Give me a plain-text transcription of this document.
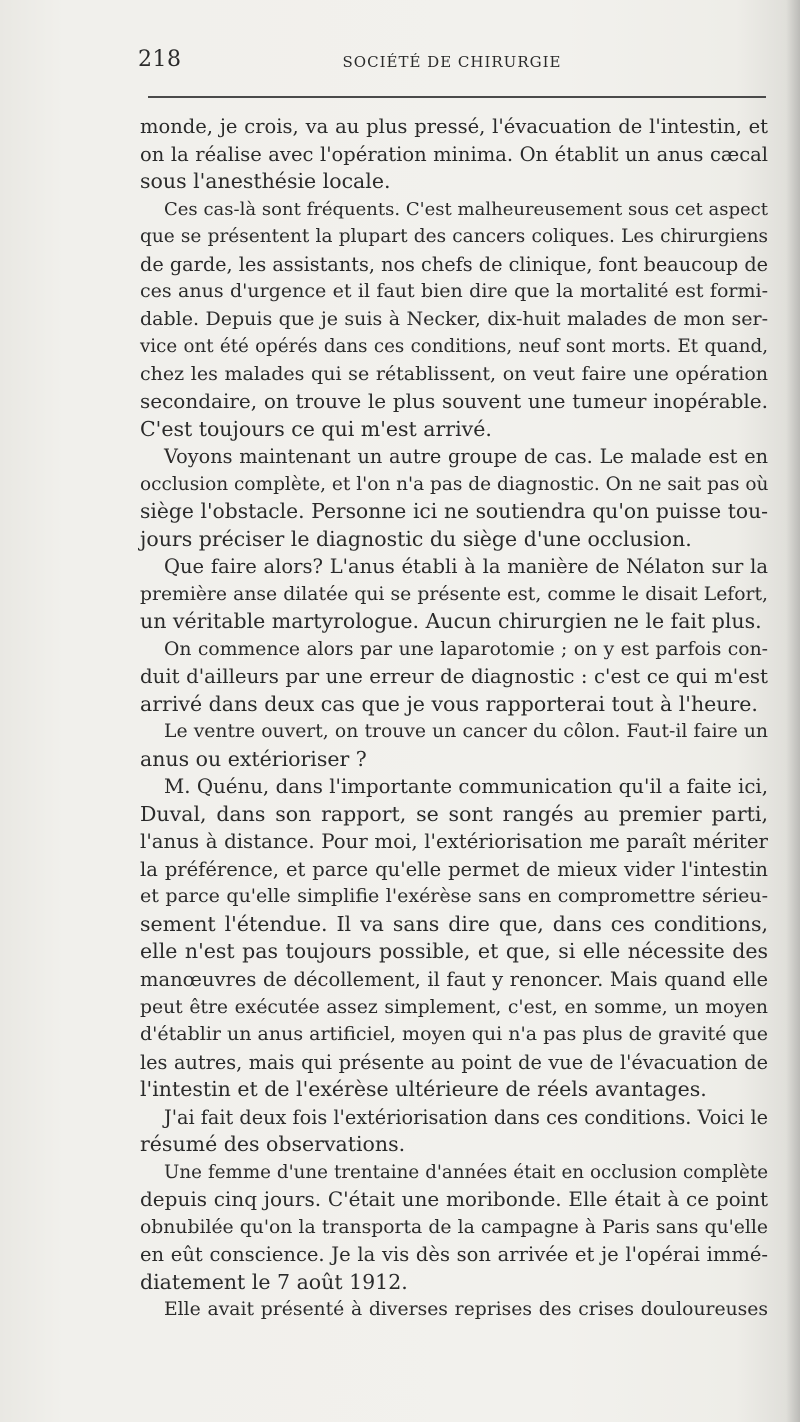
218	SOCIÉTÉ DE CHIRURGIE
monde, je crois, va au plus pressé, l'évacuation de l'intestin, et
on la réalise avec l'opération minima. On établit un anus cæcal
sous l'anesthésie locale.
Ces cas-là sont fréquents. C'est malheureusement sous cet aspect
que se présentent la plupart des cancers coliques. Les chirurgiens
de garde, les assistants, nos chefs de clinique, font beaucoup de
ces anus d'urgence et il faut bien dire que la mortalité est formi-
dable. Depuis que je suis à Necker, dix-huit malades de mon ser-
vice ont été opérés dans ces conditions, neuf sont morts. Et quand,
chez les malades qui se rétablissent, on veut faire une opération
secondaire, on trouve le plus souvent une tumeur inopérable.
C'est toujours ce qui m'est arrivé.
Voyons maintenant un autre groupe de cas. Le malade est en
occlusion complète, et l'on n'a pas de diagnostic. On ne sait pas où
siège l'obstacle. Personne ici ne soutiendra qu'on puisse tou-
jours préciser le diagnostic du siège d'une occlusion.
Que faire alors? L'anus établi à la manière de Nélaton sur la
première anse dilatée qui se présente est, comme le disait Lefort,
un véritable martyrologue. Aucun chirurgien ne le fait plus.
On commence alors par une laparotomie ; on y est parfois con-
duit d'ailleurs par une erreur de diagnostic : c'est ce qui m'est
arrivé dans deux cas que je vous rapporterai tout à l'heure.
Le ventre ouvert, on trouve un cancer du côlon. Faut-il faire un
anus ou extérioriser ?
M. Quénu, dans l'importante communication qu'il a faite ici,
Duval, dans son rapport, se sont rangés au premier parti,
l'anus à distance. Pour moi, l'extériorisation me paraît mériter
la préférence, et parce qu'elle permet de mieux vider l'intestin
et parce qu'elle simplifie l'exérèse sans en compromettre sérieu-
sement l'étendue. Il va sans dire que, dans ces conditions,
elle n'est pas toujours possible, et que, si elle nécessite des
manœuvres de décollement, il faut y renoncer. Mais quand elle
peut être exécutée assez simplement, c'est, en somme, un moyen
d'établir un anus artificiel, moyen qui n'a pas plus de gravité que
les autres, mais qui présente au point de vue de l'évacuation de
l'intestin et de l'exérèse ultérieure de réels avantages.
J'ai fait deux fois l'extériorisation dans ces conditions. Voici le
résumé des observations.
Une femme d'une trentaine d'années était en occlusion complète
depuis cinq jours. C'était une moribonde. Elle était à ce point
obnubilée qu'on la transporta de la campagne à Paris sans qu'elle
en eût conscience. Je la vis dès son arrivée et je l'opérai immé-
diatement le 7 août 1912.
Elle avait présenté à diverses reprises des crises douloureuses
